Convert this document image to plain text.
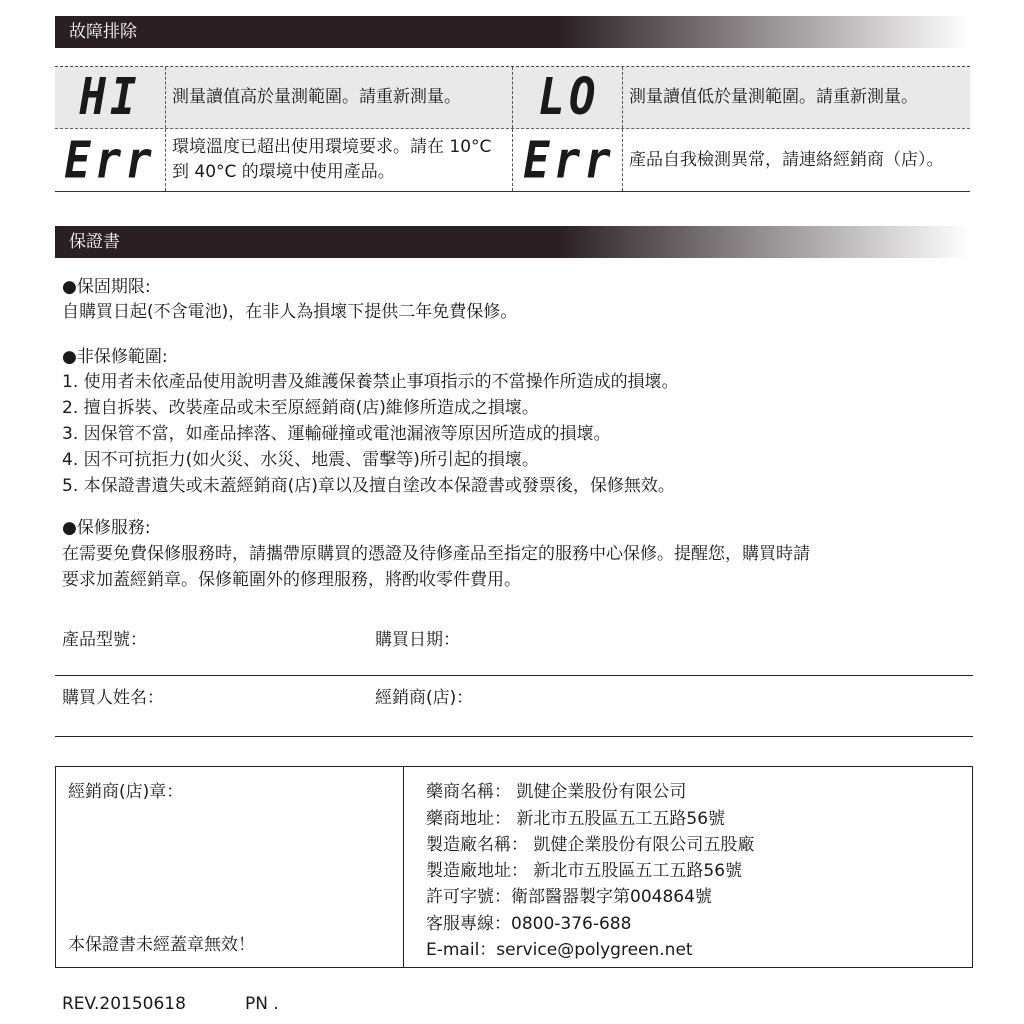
故障排除
HI	測量讀值高於量測範圍。請重新測量。	LO	測量讀值低於量測範圍。請重新測量。
Err 環境溫度已超出使用環境要求。請在 10°C 到 40°C 的環境中使用產品。	Err 產品自我檢測異常，請連絡經銷商（店）。
保證書
●保固期限:
自購買日起(不含電池)，在非人為損壞下提供二年免費保修。
●非保修範圍:
1. 使用者未依產品使用說明書及維護保養禁止事項指示的不當操作所造成的損壞。
2. 擅自拆裝、改裝產品或未至原經銷商(店)維修所造成之損壞。
3. 因保管不當，如產品摔落、運輸碰撞或電池漏液等原因所造成的損壞。
4. 因不可抗拒力(如火災、水災、地震、雷擊等)所引起的損壞。
5. 本保證書遺失或未蓋經銷商(店)章以及擅自塗改本保證書或發票後，保修無效。
●保修服務:
在需要免費保修服務時，請攜帶原購買的憑證及待修產品至指定的服務中心保修。提醒您，購買時請
要求加蓋經銷章。保修範圍外的修理服務，將酌收零件費用。
產品型號：	購買日期：
購買人姓名：	經銷商(店)：
經銷商(店)章：
本保證書未經蓋章無效！
藥商名稱： 凱健企業股份有限公司
藥商地址： 新北市五股區五工五路56號
製造廠名稱： 凱健企業股份有限公司五股廠
製造廠地址： 新北市五股區五工五路56號
許可字號：衛部醫器製字第004864號
客服專線：0800-376-688
E-mail：service@polygreen.net
REV.20150618	PN .
